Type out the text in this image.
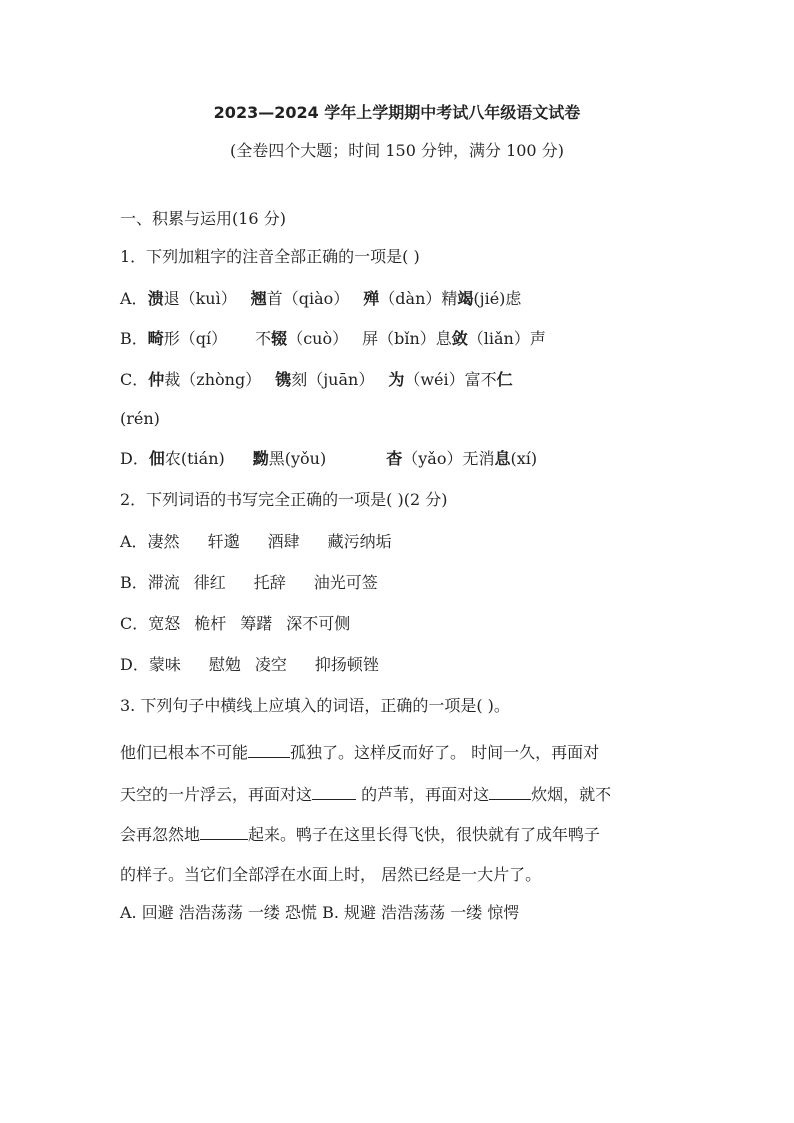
2023—2024 学年上学期期中考试八年级语文试卷
(全卷四个大题；时间 150 分钟，满分 100 分)
一、积累与运用(16 分)
1．下列加粗字的注音全部正确的一项是( )
A．溃退（kuì） 翘首（qiào） 殚（dàn）精竭(jié)虑
B．畸形（qí） 不辍（cuò） 屏（bǐn）息敛（liǎn）声
C．仲裁（zhòng） 镌刻（juān） 为（wéi）富不仁
(rén)
D．佃农(tián) 黝黑(yǒu)	杳（yǎo）无消息(xí)
2．下列词语的书写完全正确的一项是( )(2 分)
A．凄然 轩邈 酒肆 藏污纳垢
B．滞流 徘红 托辞 油光可签
C．宽怒 桅杆 筹躇 深不可侧
D．蒙味 慰勉 凌空 抑扬顿锉
3. 下列句子中横线上应填入的词语，正确的一项是( )。
他们已根本不可能	孤独了。这样反而好了。 时间一久，再面对
天空的一片浮云，再面对这	的芦苇，再面对这	炊烟，就不
会再忽然地	起来。鸭子在这里长得飞快，很快就有了成年鸭子
的样子。当它们全部浮在水面上时， 居然已经是一大片了。
A. 回避 浩浩荡荡 一缕 恐慌 B. 规避 浩浩荡荡 一缕 惊愕
